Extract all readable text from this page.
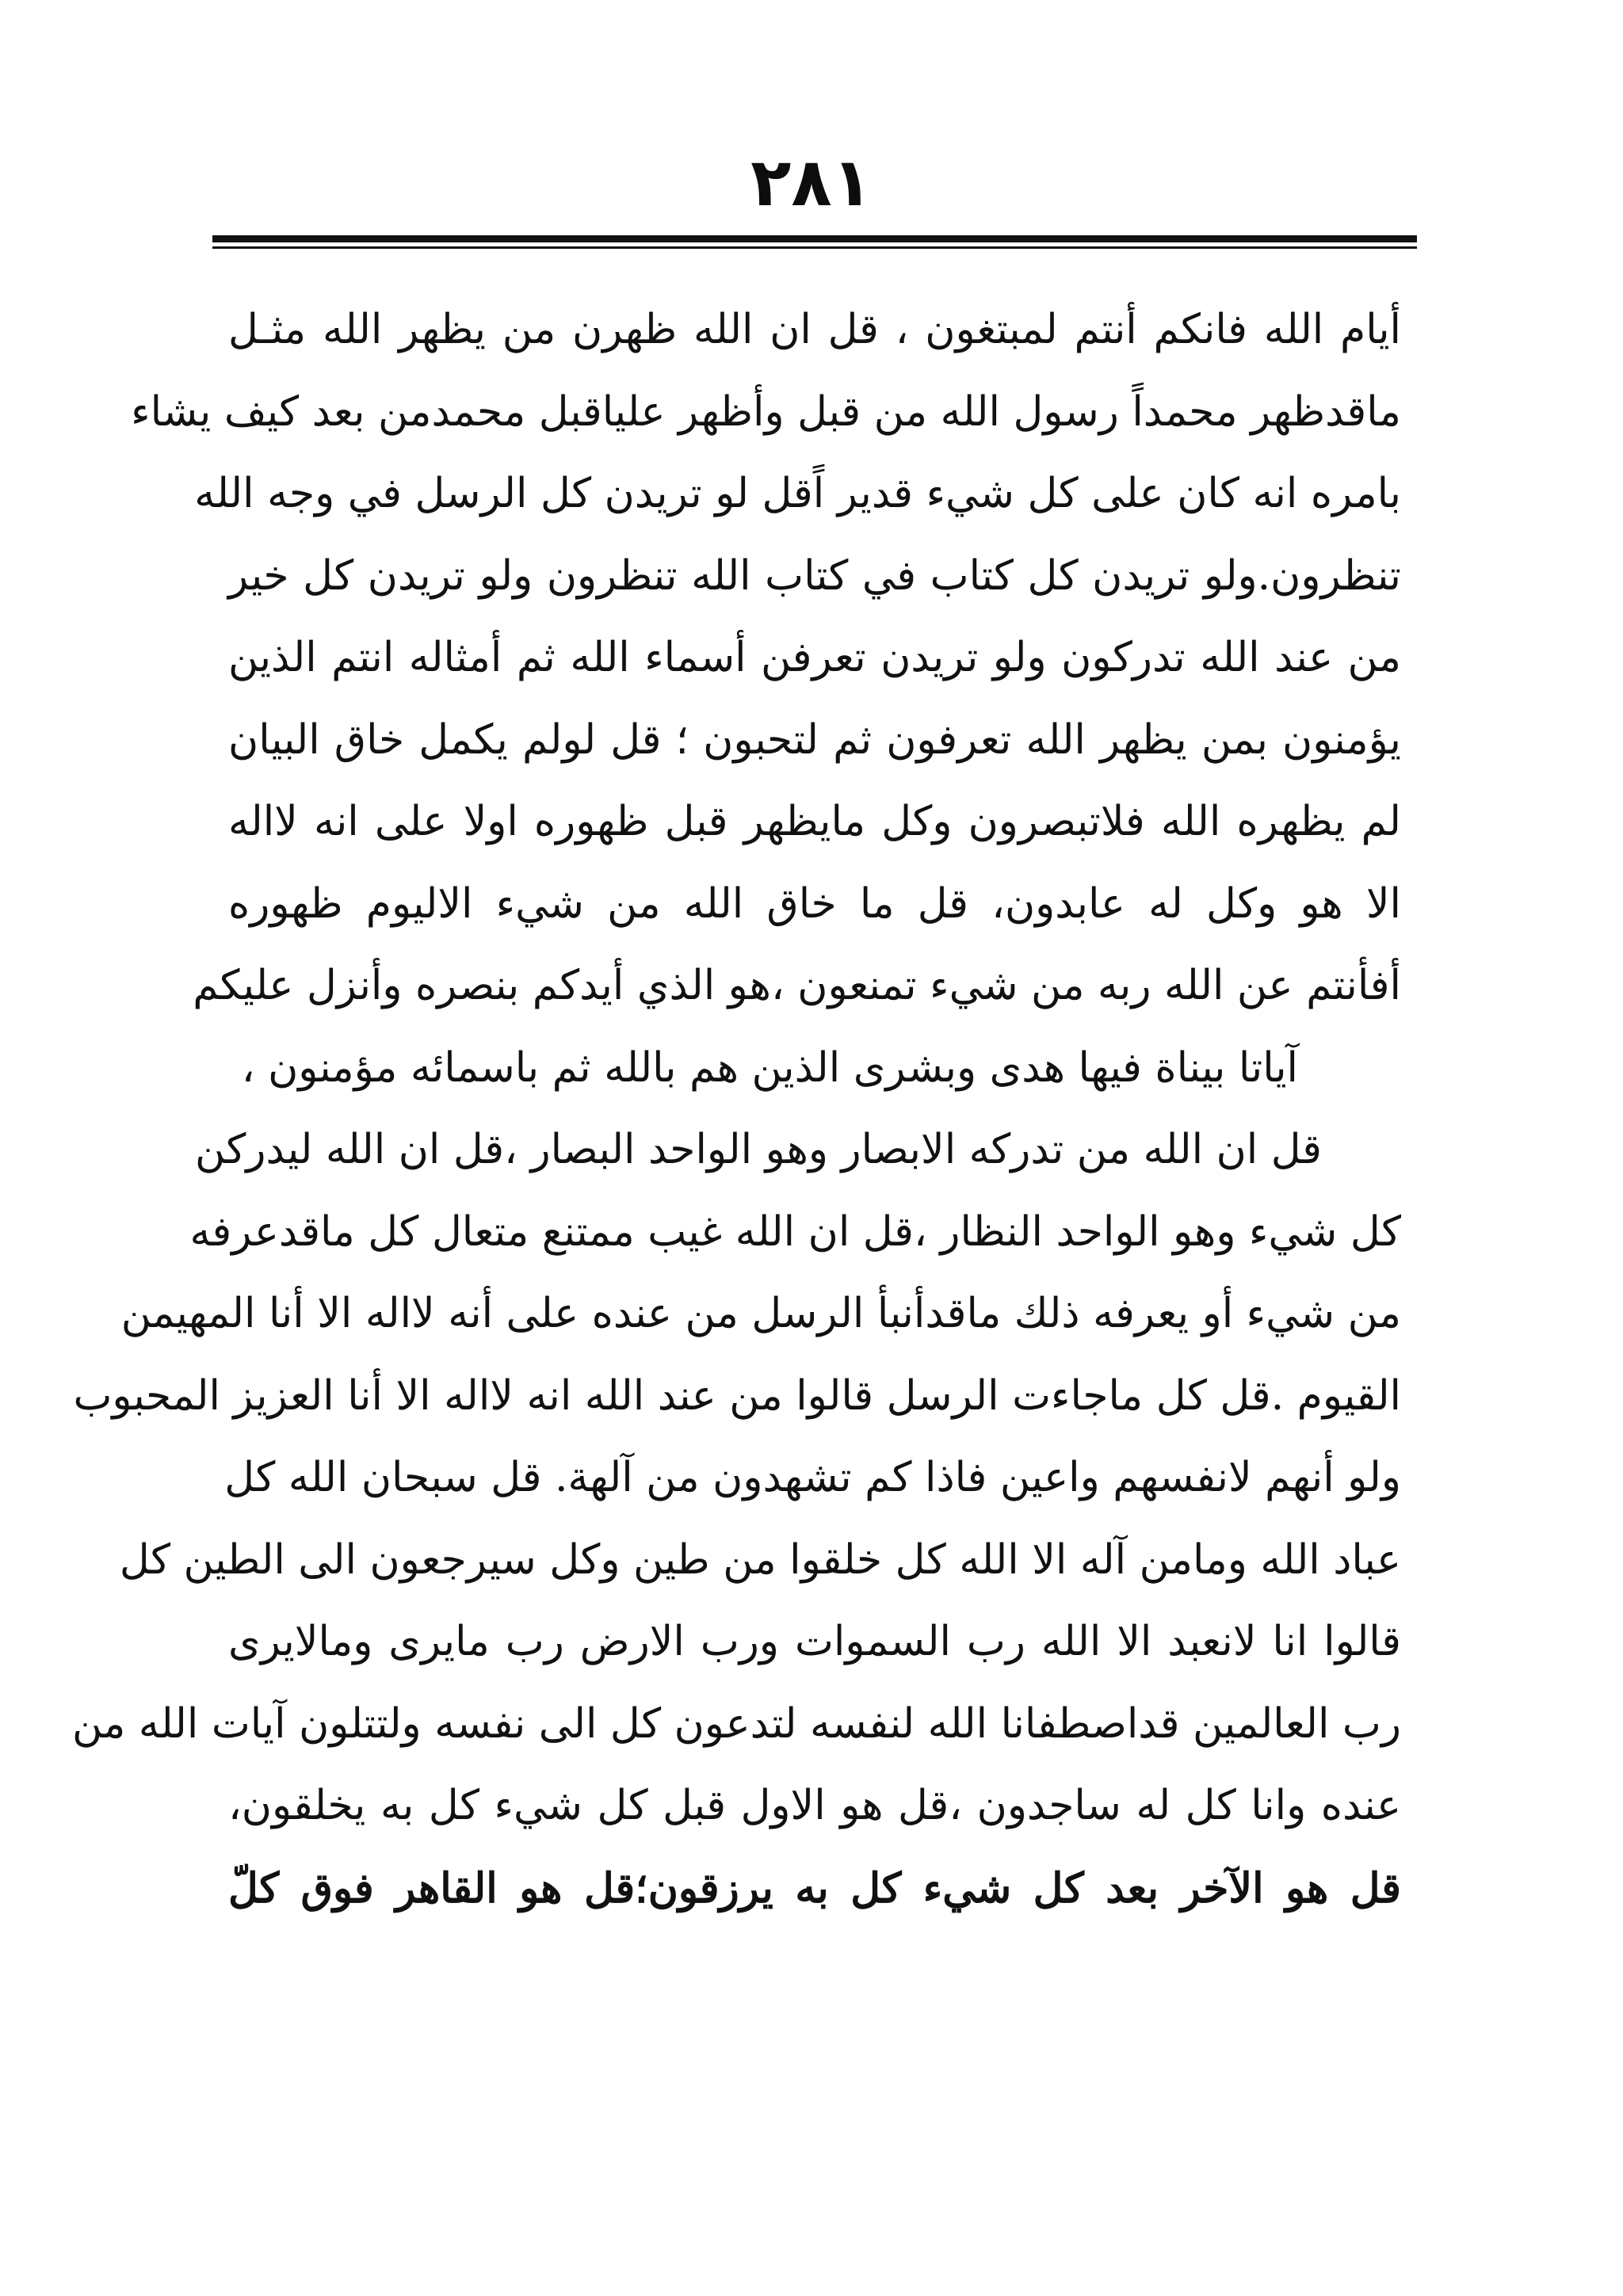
٢٨١
أيام الله فانكم أنتم لمبتغون ، قل ان الله ظهرن من يظهر الله مثـل
ماقدظهر محمداً رسول الله من قبل وأظهر علياقبل محمدمن بعد كيف يشاء
بامره انه كان على كل شيء قدير اًقل لو تريدن كل الرسل في وجه الله
تنظرون.ولو تريدن كل كتاب في كتاب الله تنظرون ولو تريدن كل خير
من عند الله تدركون ولو تريدن تعرفن أسماء الله ثم أمثاله انتم الذين
يؤمنون بمن يظهر الله تعرفون ثم لتحبون ؛ قل لولم يكمل خاق البيان
لم يظهره الله فلاتبصرون وكل مايظهر قبل ظهوره اولا على انه لااله
الا هو وكل له عابدون، قل ما خاق الله من شيء الاليوم ظهوره
أفأنتم عن الله ربه من شيء تمنعون ،هو الذي أيدكم بنصره وأنزل عليكم
آياتا بيناة فيها هدى وبشرى الذين هم بالله ثم باسمائه مؤمنون ،
قل ان الله من تدركه الابصار وهو الواحد البصار ،قل ان الله ليدركن
كل شيء وهو الواحد النظار ،قل ان الله غيب ممتنع متعال كل ماقدعرفه
من شيء أو يعرفه ذلك ماقدأنبأ الرسل من عنده على أنه لااله الا أنا المهيمن
القيوم .قل كل ماجاءت الرسل قالوا من عند الله انه لااله الا أنا العزيز المحبوب
ولو أنهم لانفسهم واعين فاذا كم تشهدون من آلهة. قل سبحان الله كل
عباد الله ومامن آله الا الله كل خلقوا من طين وكل سيرجعون الى الطين كل
قالوا انا لانعبد الا الله رب السموات ورب الارض رب مايرى ومالايرى
رب العالمين قداصطفانا الله لنفسه لتدعون كل الى نفسه ولتتلون آيات الله من
عنده وانا كل له ساجدون ،قل هو الاول قبل كل شيء كل به يخلقون،
قل هو الآخر بعد كل شيء كل به يرزقون؛قل هو القاهر فوق كلّ
